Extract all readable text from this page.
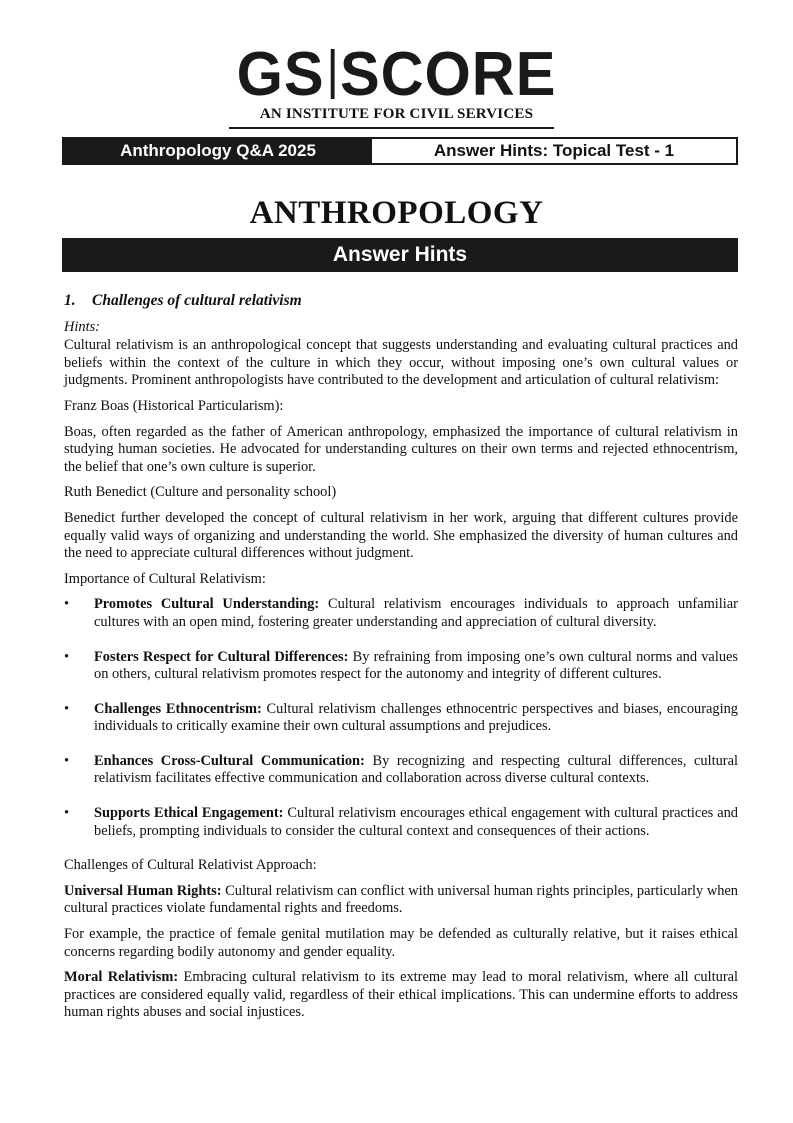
GS SCORE
AN INSTITUTE FOR CIVIL SERVICES
Anthropology Q&A 2025	Answer Hints: Topical Test - 1
ANTHROPOLOGY
Answer Hints
1. Challenges of cultural relativism
Hints:

Cultural relativism is an anthropological concept that suggests understanding and evaluating cultural practices and beliefs within the context of the culture in which they occur, without imposing one’s own cultural values or judgments. Prominent anthropologists have contributed to the development and articulation of cultural relativism:

Franz Boas (Historical Particularism):

Boas, often regarded as the father of American anthropology, emphasized the importance of cultural relativism in studying human societies. He advocated for understanding cultures on their own terms and rejected ethnocentrism, the belief that one’s own culture is superior.

Ruth Benedict (Culture and personality school)

Benedict further developed the concept of cultural relativism in her work, arguing that different cultures provide equally valid ways of organizing and understanding the world. She emphasized the diversity of human cultures and the need to appreciate cultural differences without judgment.

Importance of Cultural Relativism:

• Promotes Cultural Understanding: Cultural relativism encourages individuals to approach unfamiliar cultures with an open mind, fostering greater understanding and appreciation of cultural diversity.
• Fosters Respect for Cultural Differences: By refraining from imposing one’s own cultural norms and values on others, cultural relativism promotes respect for the autonomy and integrity of different cultures.
• Challenges Ethnocentrism: Cultural relativism challenges ethnocentric perspectives and biases, encouraging individuals to critically examine their own cultural assumptions and prejudices.
• Enhances Cross-Cultural Communication: By recognizing and respecting cultural differences, cultural relativism facilitates effective communication and collaboration across diverse cultural contexts.
• Supports Ethical Engagement: Cultural relativism encourages ethical engagement with cultural practices and beliefs, prompting individuals to consider the cultural context and consequences of their actions.

Challenges of Cultural Relativist Approach:

Universal Human Rights: Cultural relativism can conflict with universal human rights principles, particularly when cultural practices violate fundamental rights and freedoms.

For example, the practice of female genital mutilation may be defended as culturally relative, but it raises ethical concerns regarding bodily autonomy and gender equality.

Moral Relativism: Embracing cultural relativism to its extreme may lead to moral relativism, where all cultural practices are considered equally valid, regardless of their ethical implications. This can undermine efforts to address human rights abuses and social injustices.
